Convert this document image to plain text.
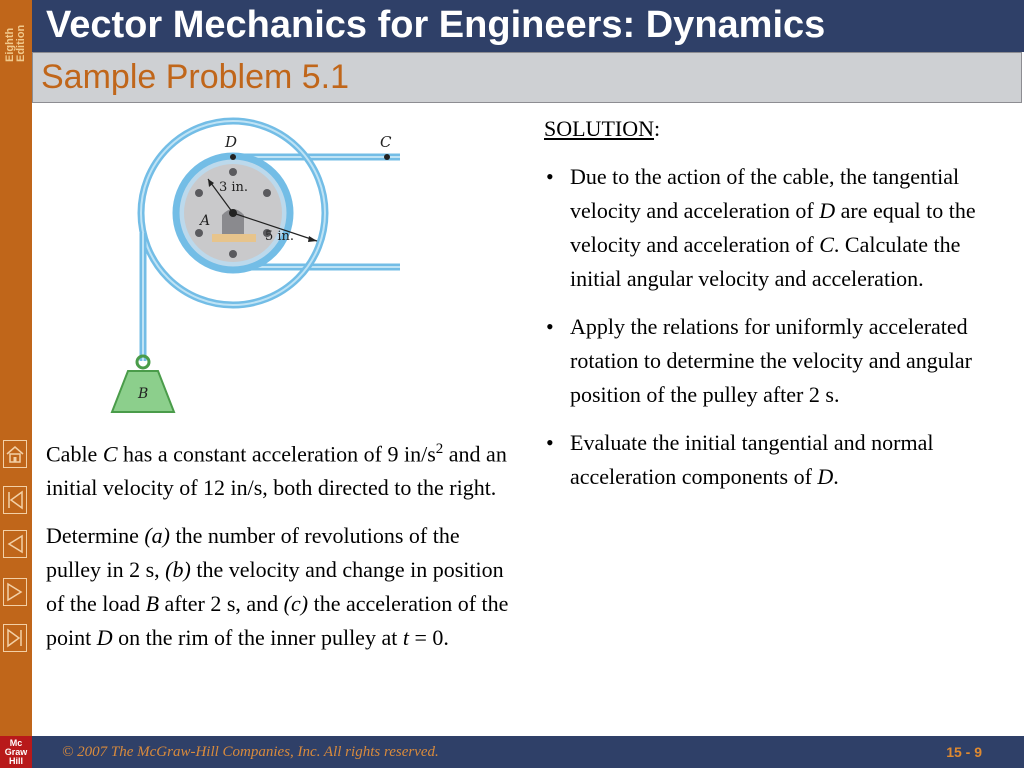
Eighth Edition
Mc
Graw
Hill
Vector Mechanics for Engineers: Dynamics
Sample Problem 5.1
D	C
A
3 in.
5 in.
B

Cable C has a constant acceleration of 9 $in/s^2$ and an initial velocity of 12 in/s, both directed to the right.

Determine (a) the number of revolutions of the pulley in 2 s, (b) the velocity and change in position of the load B after 2 s, and (c) the acceleration of the point D on the rim of the inner pulley at t = 0.

SOLUTION:

• Due to the action of the cable, the tangential velocity and acceleration of D are equal to the velocity and acceleration of C. Calculate the initial angular velocity and acceleration.
• Apply the relations for uniformly accelerated rotation to determine the velocity and angular position of the pulley after 2 s.
• Evaluate the initial tangential and normal acceleration components of D.
© 2007 The McGraw-Hill Companies, Inc. All rights reserved.	15 - 9
